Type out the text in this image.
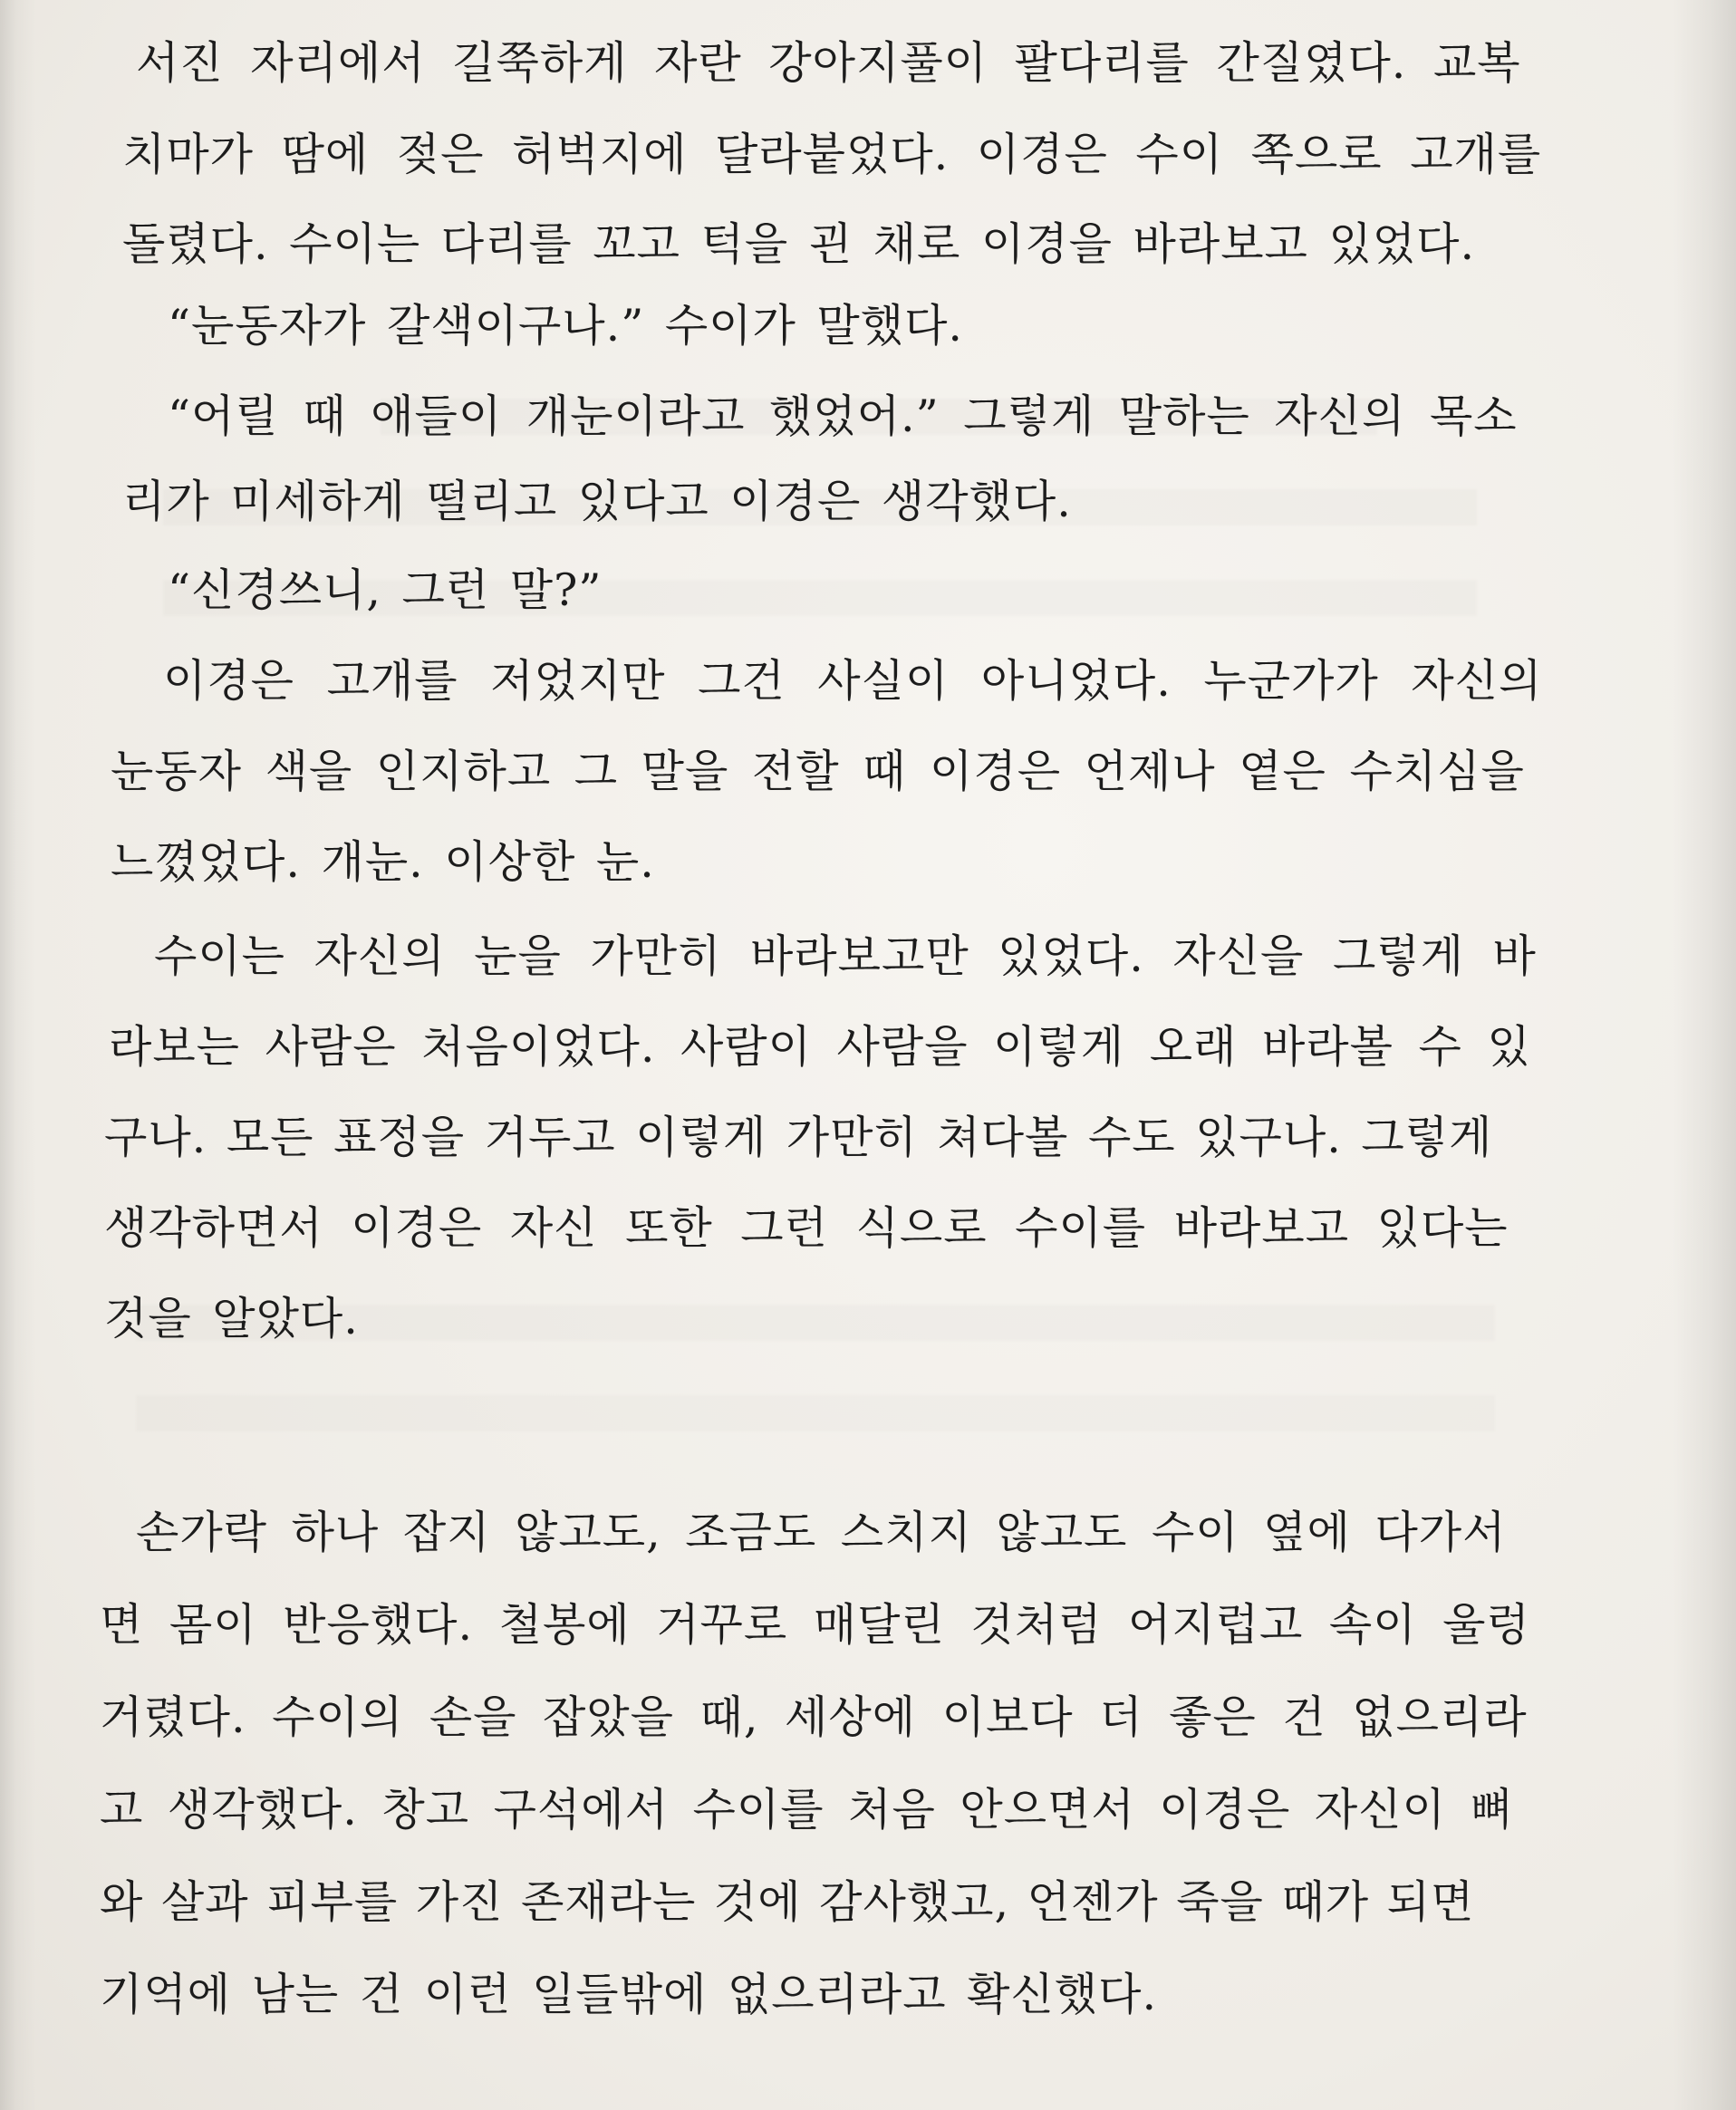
서진 자리에서 길쭉하게 자란 강아지풀이 팔다리를 간질였다. 교복
치마가 땀에 젖은 허벅지에 달라붙었다. 이경은 수이 쪽으로 고개를
돌렸다. 수이는 다리를 꼬고 턱을 괸 채로 이경을 바라보고 있었다.
“눈동자가 갈색이구나.” 수이가 말했다.
“어릴 때 애들이 개눈이라고 했었어.” 그렇게 말하는 자신의 목소
리가 미세하게 떨리고 있다고 이경은 생각했다.
“신경쓰니, 그런 말?”
이경은 고개를 저었지만 그건 사실이 아니었다. 누군가가 자신의
눈동자 색을 인지하고 그 말을 전할 때 이경은 언제나 옅은 수치심을
느꼈었다. 개눈. 이상한 눈.
수이는 자신의 눈을 가만히 바라보고만 있었다. 자신을 그렇게 바
라보는 사람은 처음이었다. 사람이 사람을 이렇게 오래 바라볼 수 있
구나. 모든 표정을 거두고 이렇게 가만히 쳐다볼 수도 있구나. 그렇게
생각하면서 이경은 자신 또한 그런 식으로 수이를 바라보고 있다는
것을 알았다.
손가락 하나 잡지 않고도, 조금도 스치지 않고도 수이 옆에 다가서
면 몸이 반응했다. 철봉에 거꾸로 매달린 것처럼 어지럽고 속이 울렁
거렸다. 수이의 손을 잡았을 때, 세상에 이보다 더 좋은 건 없으리라
고 생각했다. 창고 구석에서 수이를 처음 안으면서 이경은 자신이 뼈
와 살과 피부를 가진 존재라는 것에 감사했고, 언젠가 죽을 때가 되면
기억에 남는 건 이런 일들밖에 없으리라고 확신했다.
